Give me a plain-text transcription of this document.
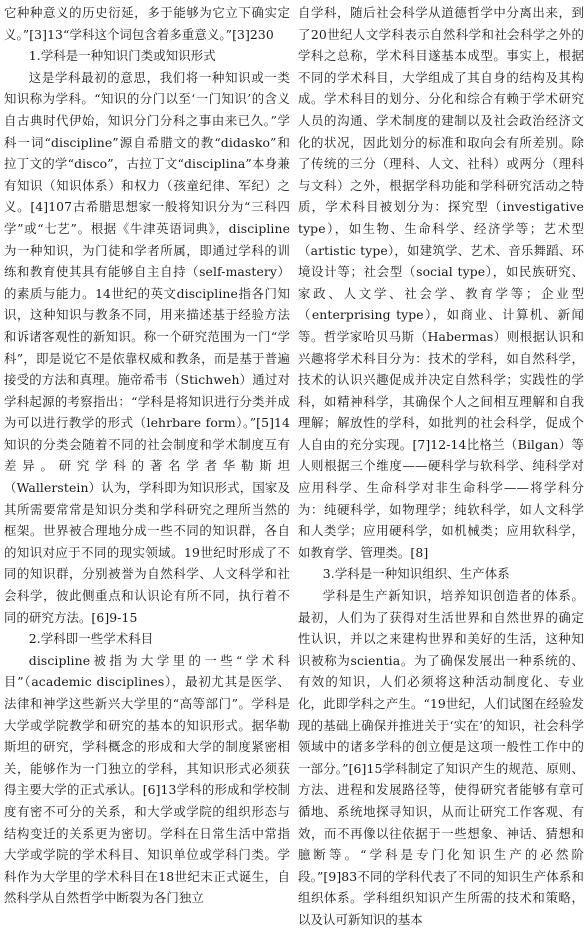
它种种意义的历史衍延，多于能够为它立下确实定义。”[3]13“学科这个词包含着多重意义。”[3]230

1.学科是一种知识门类或知识形式

这是学科最初的意思，我们将一种知识或一类知识称为学科。“知识的分门以至‘一门知识’的含义自古典时代伊始，知识分门分科之事由来已久。”学科一词“discipline”源自希腊文的教“didasko”和拉丁文的学“disco”，古拉丁文“disciplina”本身兼有知识（知识体系）和权力（孩童纪律、军纪）之义。[4]107古希腊思想家一般将知识分为“三科四学”或“七艺”。根据《牛津英语词典》，discipline为一种知识，为门徒和学者所属，即通过学科的训练和教育使其具有能够自主自持（self-mastery）的素质与能力。14世纪的英文discipline指各门知识，这种知识与教条不同，用来描述基于经验方法和诉诸客观性的新知识。称一个研究范围为一门“学科”，即是说它不是依靠权威和教条，而是基于普遍接受的方法和真理。施帝希韦（Stichweh）通过对学科起源的考察指出：“学科是将知识进行分类并成为可以进行教学的形式（lehrbare form）。”[5]14知识的分类会随着不同的社会制度和学术制度互有差异。研究学科的著名学者华勒斯坦（Wallerstein）认为，学科即为知识形式，国家及其所需要常常是知识分类和学科研究之理所当然的框架。世界被合理地分成一些不同的知识群，各自的知识对应于不同的现实领域。19世纪时形成了不同的知识群，分别被誉为自然科学、人文科学和社会科学，彼此侧重点和认识论有所不同，执行着不同的研究方法。[6]9-15

2.学科即一些学术科目

discipline被指为大学里的一些“学术科目”（academic disciplines），最初尤其是医学、法律和神学这些新兴大学里的“高等部门”。学科是大学或学院教学和研究的基本的知识形式。据华勒斯坦的研究，学科概念的形成和大学的制度紧密相关，能够作为一门独立的学科，其知识形式必须获得主要大学的正式承认。[6]13学科的形成和学校制度有密不可分的关系，和大学或学院的组织形态与结构变迁的关系更为密切。学科在日常生活中常指大学或学院的学术科目、知识单位或学科门类。学科作为大学里的学术科目在18世纪末正式诞生，自然科学从自然哲学中断裂为各门独立

自学科，随后社会科学从道德哲学中分离出来，到了20世纪人文学科表示自然科学和社会科学之外的学科之总称，学术科目遂基本成型。事实上，根据不同的学术科目，大学组成了其自身的结构及其构成。学术科目的划分、分化和综合有赖于学术研究人员的沟通、学术制度的建制以及社会政治经济文化的状况，因此划分的标准和取向会有所差别。除了传统的三分（理科、人文、社科）或两分（理科与文科）之外，根据学科功能和学科研究活动之特质，学术科目被划分为：探究型（investigative type），如生物、生命科学、经济学等；艺术型（artistic type），如建筑学、艺术、音乐舞蹈、环境设计等；社会型（social type），如民族研究、家政、人文学、社会学、教育学等；企业型（enterprising type），如商业、计算机、新闻等。哲学家哈贝马斯（Habermas）则根据认识和兴趣将学术科目分为：技术的学科，如自然科学，技术的认识兴趣促成并决定自然科学；实践性的学科，如精神科学，其确保个人之间相互理解和自我理解；解放性的学科，如批判的社会科学，促成个人自由的充分实现。[7]12-14比格兰（Bilgan）等人则根据三个维度——硬科学与软科学、纯科学对应用科学、生命科学对非生命科学——将学科分为：纯硬科学，如物理学；纯软科学，如人文科学和人类学；应用硬科学，如机械类；应用软科学，如教育学、管理类。[8]

3.学科是一种知识组织、生产体系

学科是生产新知识，培养知识创造者的体系。最初，人们为了获得对生活世界和自然世界的确定性认识，并以之来建构世界和美好的生活，这种知识被称为scientia。为了确保发展出一种系统的、有效的知识，人们必须将这种活动制度化、专业化，此即学科之产生。“19世纪，人们试图在经验发现的基础上确保并推进关于‘实在’的知识，社会科学领域中的诸多学科的创立便是这项一般性工作中的一部分。”[6]15学科制定了知识产生的规范、原则、方法、进程和发展路径等，使得研究者能够有章可循地、系统地探寻知识，从而让研究工作客观、有效，而不再像以往依据于一些想象、神话、猜想和臆断等。“学科是专门化知识生产的必然阶段。”[9]83不同的学科代表了不同的知识生产体系和组织体系。学科组织知识产生所需的技术和策略，以及认可新知识的基本
